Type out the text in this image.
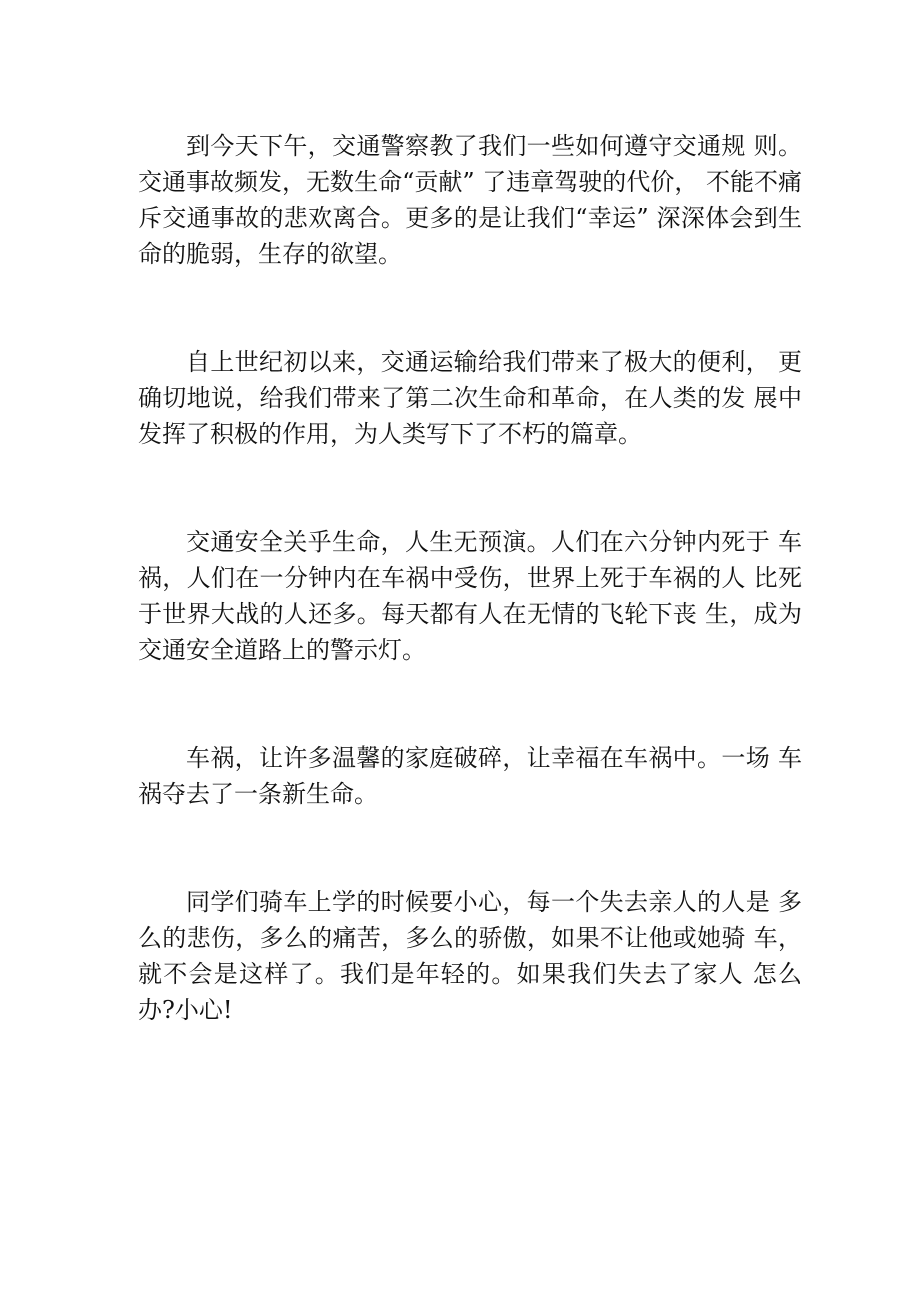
到今天下午，交通警察教了我们一些如何遵守交通规 则。交通事故频发，无数生命“贡献” 了违章驾驶的代价， 不能不痛斥交通事故的悲欢离合。更多的是让我们“幸运” 深深体会到生命的脆弱，生存的欲望。

自上世纪初以来，交通运输给我们带来了极大的便利， 更确切地说，给我们带来了第二次生命和革命，在人类的发 展中发挥了积极的作用，为人类写下了不朽的篇章。

交通安全关乎生命，人生无预演。人们在六分钟内死于 车祸，人们在一分钟内在车祸中受伤，世界上死于车祸的人 比死于世界大战的人还多。每天都有人在无情的飞轮下丧 生，成为交通安全道路上的警示灯。

车祸，让许多温馨的家庭破碎，让幸福在车祸中。一场 车祸夺去了一条新生命。

同学们骑车上学的时候要小心，每一个失去亲人的人是 多么的悲伤，多么的痛苦，多么的骄傲，如果不让他或她骑 车，就不会是这样了。我们是年轻的。如果我们失去了家人 怎么办?小心!
